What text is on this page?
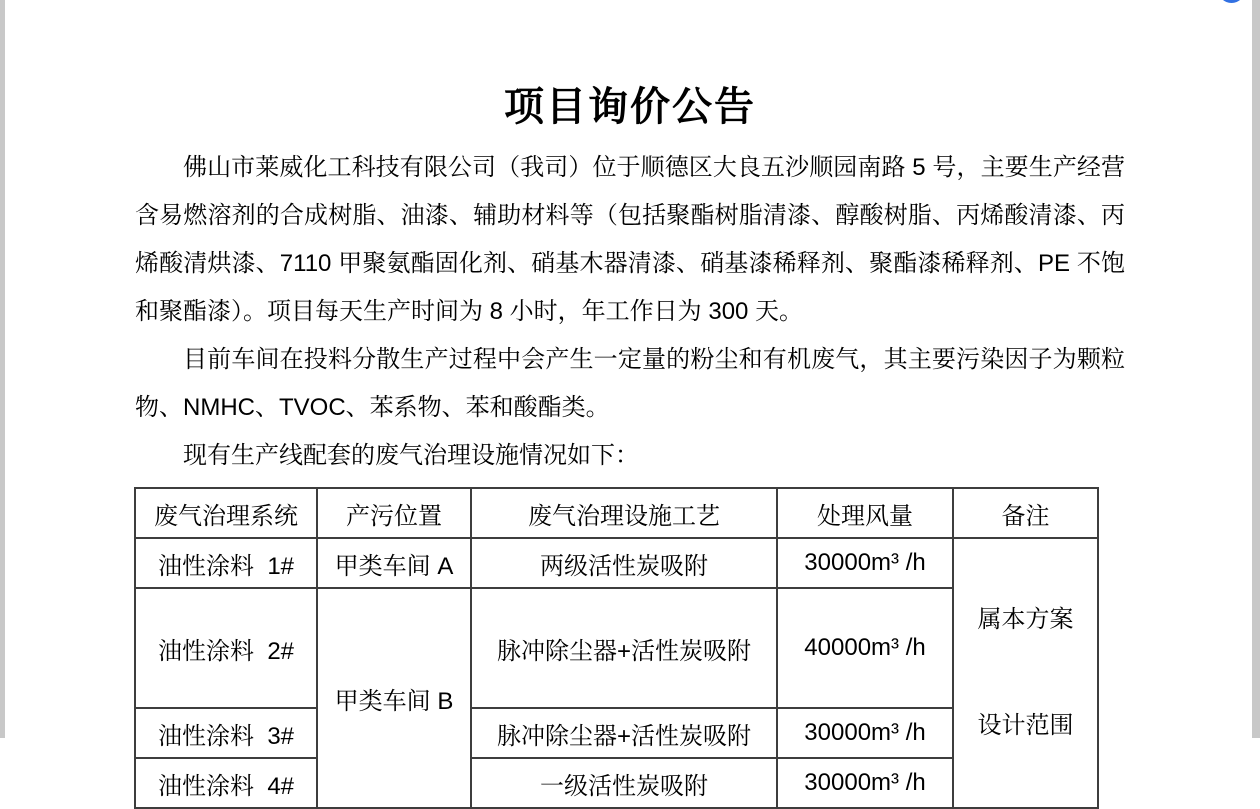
项目询价公告

佛山市莱威化工科技有限公司（我司）位于顺德区大良五沙顺园南路 5 号，主要生产经营含易燃溶剂的合成树脂、油漆、辅助材料等（包括聚酯树脂清漆、醇酸树脂、丙烯酸清漆、丙烯酸清烘漆、7110 甲聚氨酯固化剂、硝基木器清漆、硝基漆稀释剂、聚酯漆稀释剂、PE 不饱和聚酯漆）。项目每天生产时间为 8 小时，年工作日为 300 天。

目前车间在投料分散生产过程中会产生一定量的粉尘和有机废气，其主要污染因子为颗粒物、NMHC、TVOC、苯系物、苯和酸酯类。

现有生产线配套的废气治理设施情况如下：

废气治理系统	产污位置	废气治理设施工艺	处理风量	备注
油性涂料  1#	甲类车间 A	两级活性炭吸附	30000m³ /h	属本方案

设计范围

油性涂料  2#	甲类车间 B	脉冲除尘器+活性炭吸附	40000m³ /h	
油性涂料  3#		脉冲除尘器+活性炭吸附	30000m³ /h	
油性涂料  4#		一级活性炭吸附	30000m³ /h	
